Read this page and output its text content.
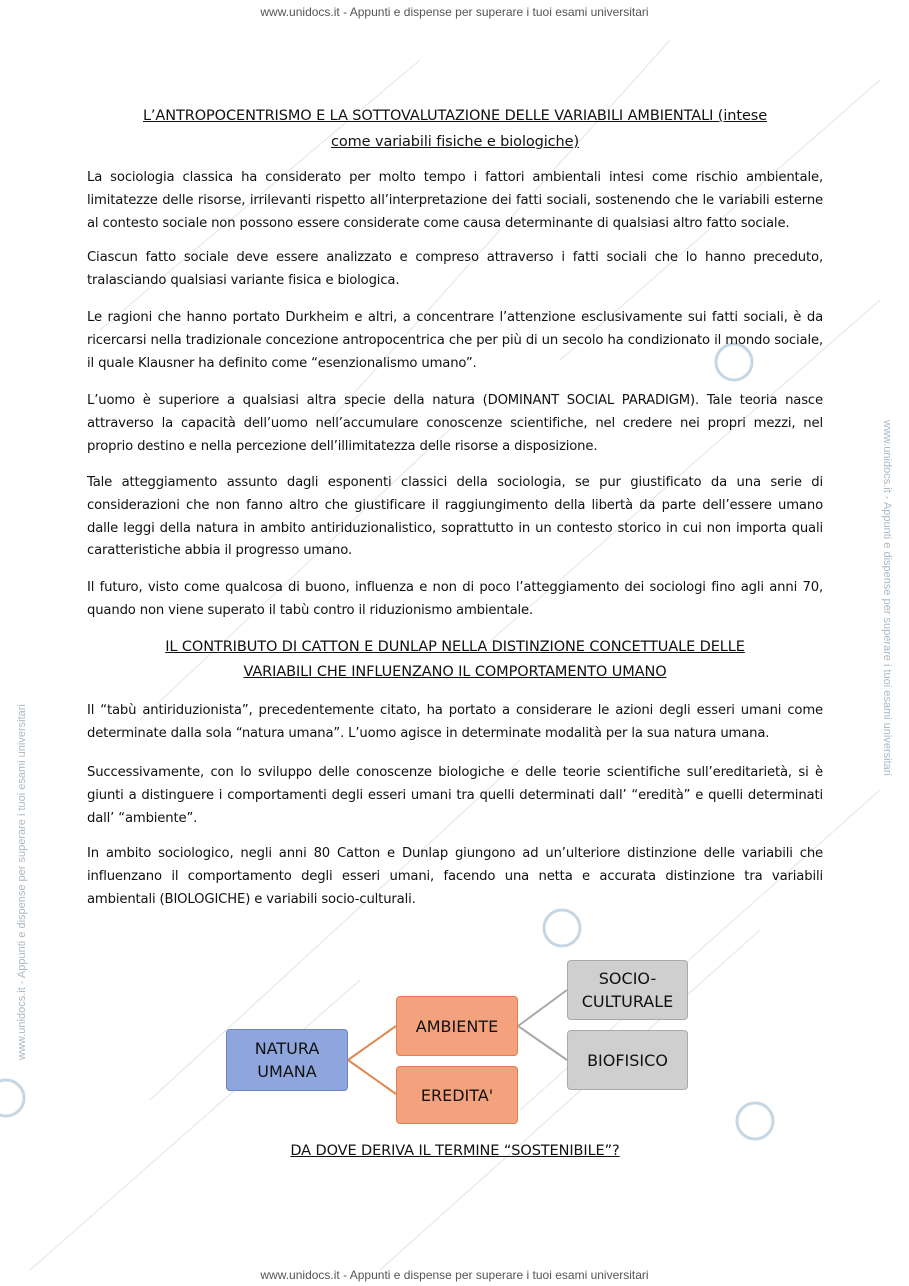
www.unidocs.it - Appunti e dispense per superare i tuoi esami universitari
www.unidocs.it - Appunti e dispense per superare i tuoi esami universitari
www.unidocs.it - Appunti e dispense per superare i tuoi esami universitari
www.unidocs.it - Appunti e dispense per superare i tuoi esami universitari
L’ANTROPOCENTRISMO E LA SOTTOVALUTAZIONE DELLE VARIABILI AMBIENTALI (intese
come variabili fisiche e biologiche)

La sociologia classica ha considerato per molto tempo i fattori ambientali intesi come rischio ambientale, limitatezze delle risorse, irrilevanti rispetto all’interpretazione dei fatti sociali, sostenendo che le variabili esterne al contesto sociale non possono essere considerate come causa determinante di qualsiasi altro fatto sociale.

Ciascun fatto sociale deve essere analizzato e compreso attraverso i fatti sociali che lo hanno preceduto, tralasciando qualsiasi variante fisica e biologica.

Le ragioni che hanno portato Durkheim e altri, a concentrare l’attenzione esclusivamente sui fatti sociali, è da ricercarsi nella tradizionale concezione antropocentrica che per più di un secolo ha condizionato il mondo sociale, il quale Klausner ha definito come “esenzionalismo umano”.

L’uomo è superiore a qualsiasi altra specie della natura (DOMINANT SOCIAL PARADIGM). Tale teoria nasce attraverso la capacità dell’uomo nell’accumulare conoscenze scientifiche, nel credere nei propri mezzi, nel proprio destino e nella percezione dell’illimitatezza delle risorse a disposizione.

Tale atteggiamento assunto dagli esponenti classici della sociologia, se pur giustificato da una serie di considerazioni che non fanno altro che giustificare il raggiungimento della libertà da parte dell’essere umano dalle leggi della natura in ambito antiriduzionalistico, soprattutto in un contesto storico in cui non importa quali caratteristiche abbia il progresso umano.

Il futuro, visto come qualcosa di buono, influenza e non di poco l’atteggiamento dei sociologi fino agli anni 70, quando non viene superato il tabù contro il riduzionismo ambientale.

IL CONTRIBUTO DI CATTON E DUNLAP NELLA DISTINZIONE CONCETTUALE DELLE
VARIABILI CHE INFLUENZANO IL COMPORTAMENTO UMANO

Il “tabù antiriduzionista”, precedentemente citato, ha portato a considerare le azioni degli esseri umani come determinate dalla sola “natura umana”. L’uomo agisce in determinate modalità per la sua natura umana.

Successivamente, con lo sviluppo delle conoscenze biologiche e delle teorie scientifiche sull’ereditarietà, si è giunti a distinguere i comportamenti degli esseri umani tra quelli determinati dall’ “eredità” e quelli determinati dall’ “ambiente”.

In ambito sociologico, negli anni 80 Catton e Dunlap giungono ad un’ulteriore distinzione delle variabili che influenzano il comportamento degli esseri umani, facendo una netta e accurata distinzione tra variabili ambientali (BIOLOGICHE) e variabili socio-culturali.

DA DOVE DERIVA IL TERMINE “SOSTENIBILE”?
NATURA
UMANA
AMBIENTE
EREDITA'
SOCIO-
CULTURALE
BIOFISICO
